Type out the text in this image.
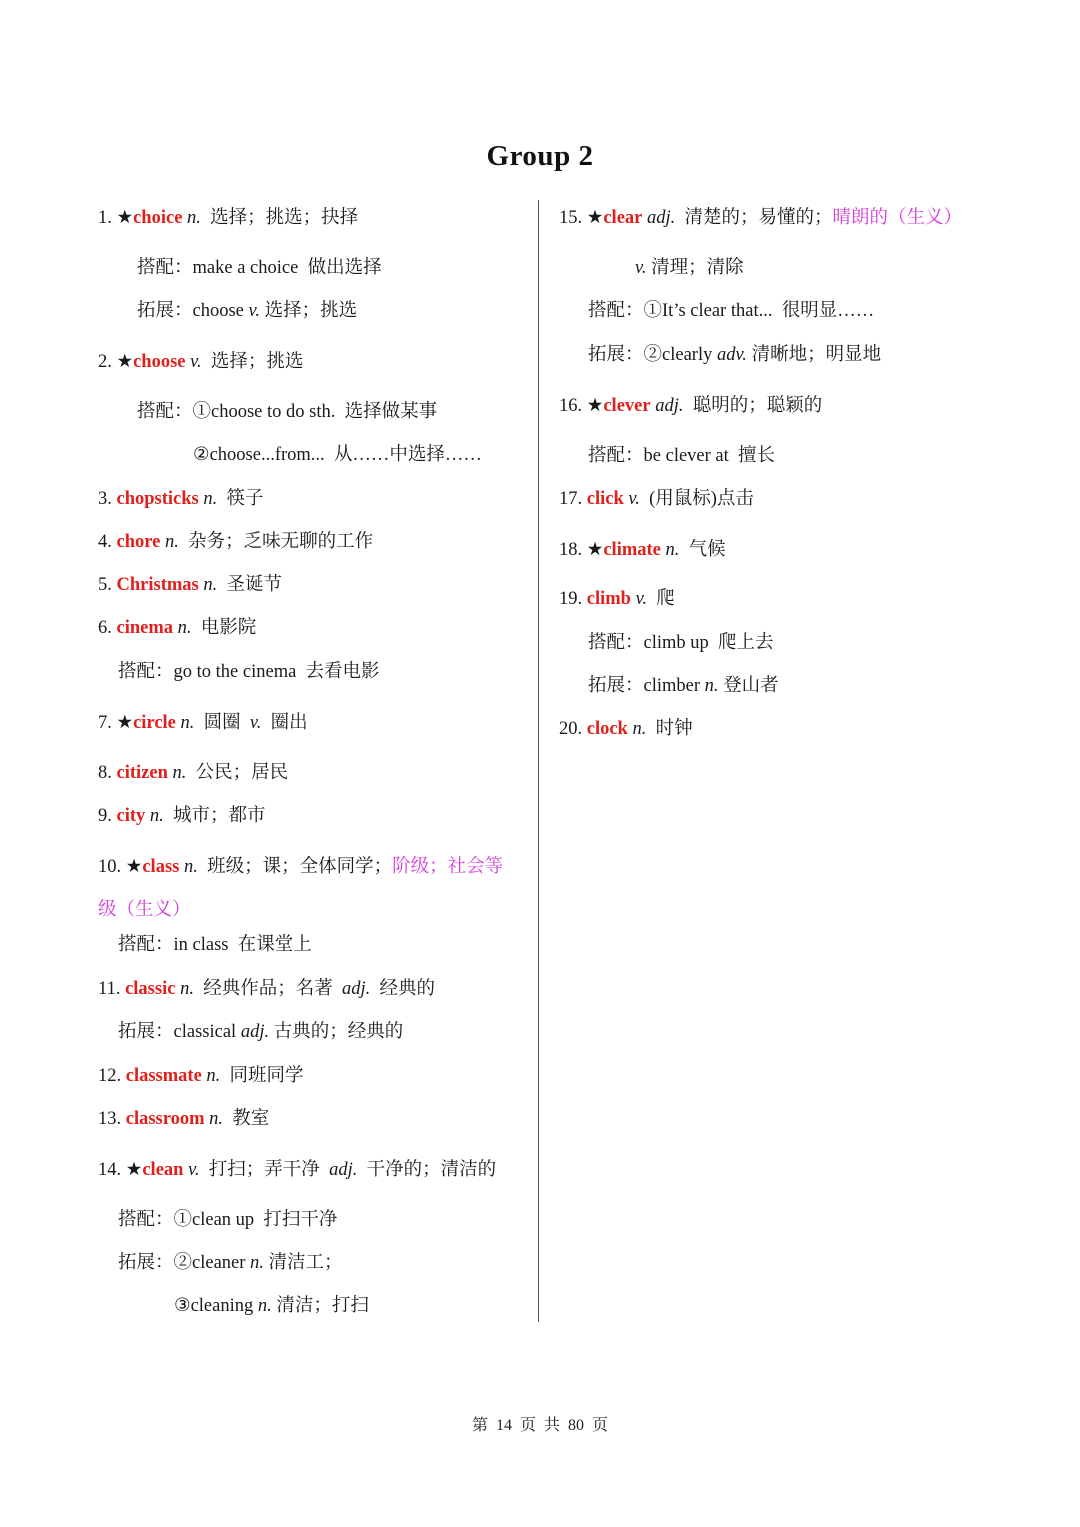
Group 2
1. ★choice n. 选择；挑选；抉择
搭配：make a choice  做出选择
拓展：choose v. 选择；挑选
2. ★choose v. 选择；挑选
搭配：①choose to do sth.  选择做某事
②choose...from...  从……中选择……
3. chopsticks n. 筷子
4. chore n. 杂务；乏味无聊的工作
5. Christmas n. 圣诞节
6. cinema n. 电影院
搭配：go to the cinema  去看电影
7. ★circle n. 圆圈 v. 圈出
8. citizen n. 公民；居民
9. city n. 城市；都市
10. ★class n. 班级；课；全体同学；阶级；社会等
级（生义）
搭配：in class  在课堂上
11. classic n. 经典作品；名著 adj. 经典的
拓展：classical adj. 古典的；经典的
12. classmate n. 同班同学
13. classroom n. 教室
14. ★clean v. 打扫；弄干净 adj. 干净的；清洁的
搭配：①clean up  打扫干净
拓展：②cleaner n. 清洁工；
③cleaning n. 清洁；打扫
15. ★clear adj. 清楚的；易懂的；晴朗的（生义）
v. 清理；清除
搭配：①It’s clear that...  很明显……
拓展：②clearly adv. 清晰地；明显地
16. ★clever adj. 聪明的；聪颖的
搭配：be clever at  擅长
17. click v. (用鼠标)点击
18. ★climate n. 气候
19. climb v. 爬
搭配：climb up  爬上去
拓展：climber n. 登山者
20. clock n. 时钟
第 14 页 共 80 页
